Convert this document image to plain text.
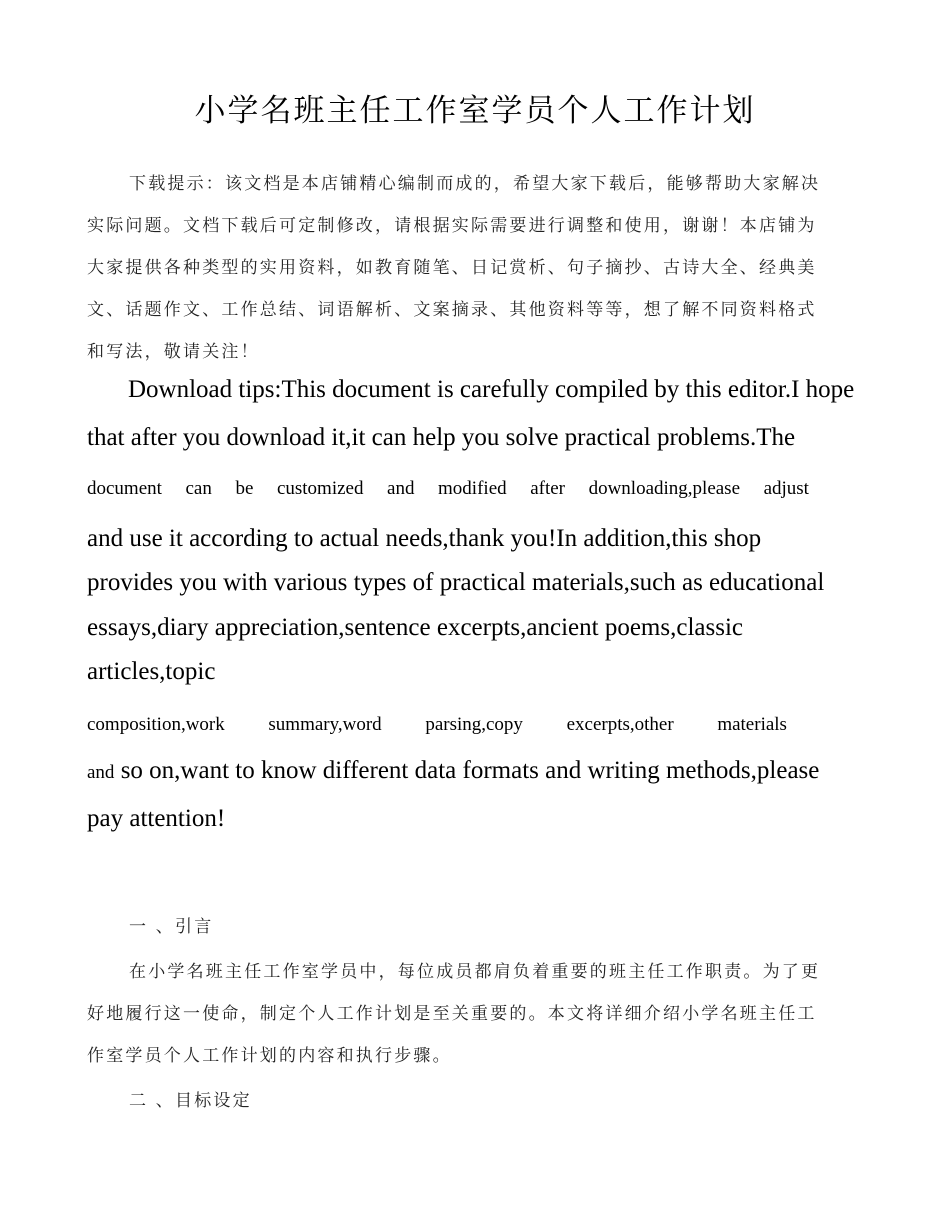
小学名班主任工作室学员个人工作计划

下载提示：该文档是本店铺精心编制而成的，希望大家下载后，能够帮助大家解决

实际问题。文档下载后可定制修改，请根据实际需要进行调整和使用，谢谢！本店铺为

大家提供各种类型的实用资料，如教育随笔、日记赏析、句子摘抄、古诗大全、经典美

文、话题作文、工作总结、词语解析、文案摘录、其他资料等等，想了解不同资料格式

和写法，敬请关注！

Download tips:This document is carefully compiled by this editor.I hope

that after you download it,it can help you solve practical problems.The

document can be customized and modified after downloading,please adjust

and use it according to actual needs,thank you!In addition,this shop

provides you with various types of practical materials,such as educational

essays,diary appreciation,sentence excerpts,ancient poems,classic

articles,topic

composition,work summary,word parsing,copy excerpts,other materials

and so on,want to know different data formats and writing methods,please

pay attention!

一 、引言

在小学名班主任工作室学员中，每位成员都肩负着重要的班主任工作职责。为了更

好地履行这一使命，制定个人工作计划是至关重要的。本文将详细介绍小学名班主任工

作室学员个人工作计划的内容和执行步骤。

二 、目标设定
